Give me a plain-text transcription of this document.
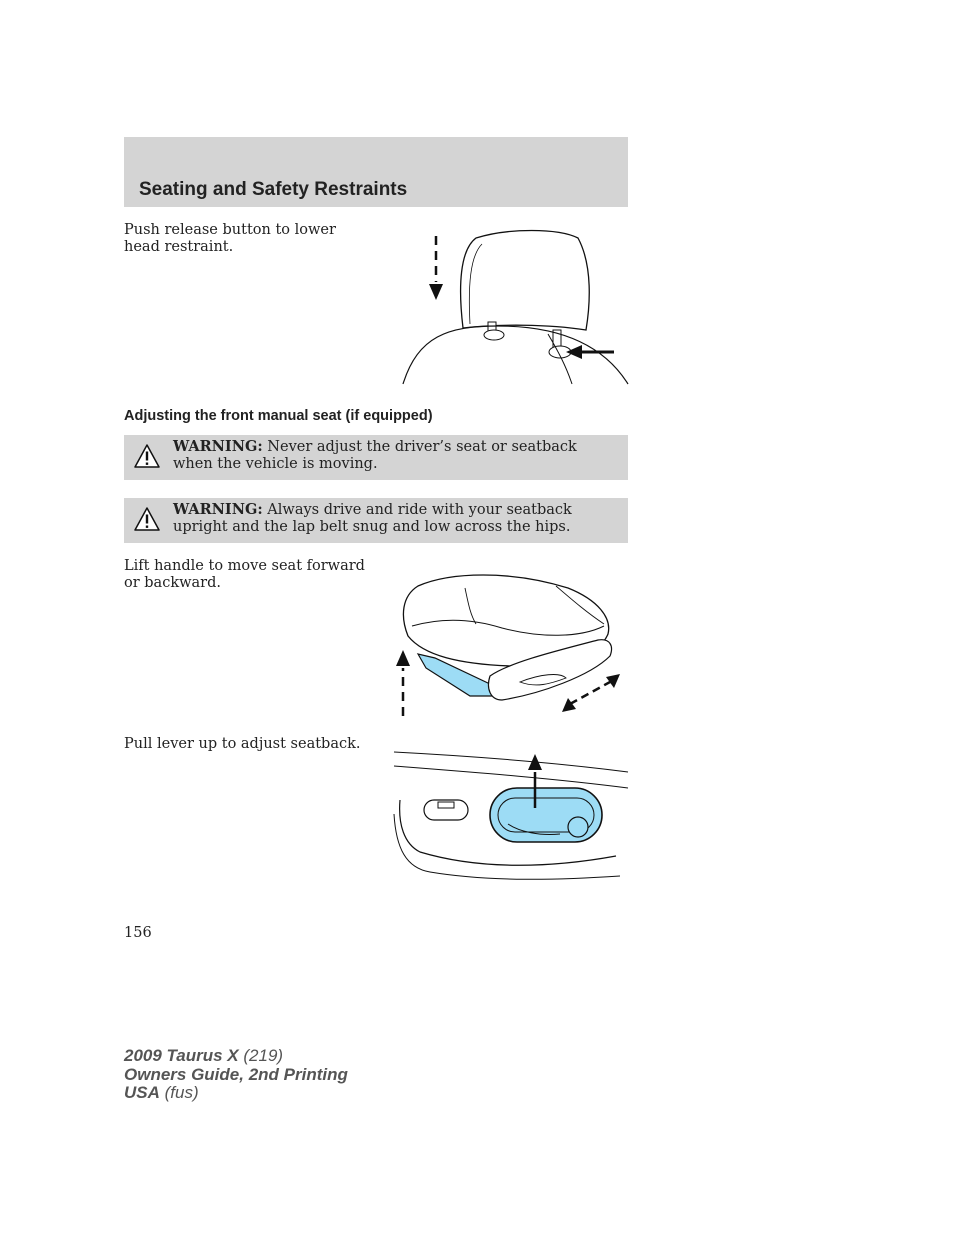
Seating and Safety Restraints

Push release button to lower head restraint.

Adjusting the front manual seat (if equipped)

WARNING: Never adjust the driver’s seat or seatback when the vehicle is moving.

WARNING: Always drive and ride with your seatback upright and the lap belt snug and low across the hips.

Lift handle to move seat forward or backward.

Pull lever up to adjust seatback.

156

2009 Taurus X (219)
Owners Guide, 2nd Printing
USA (fus)
